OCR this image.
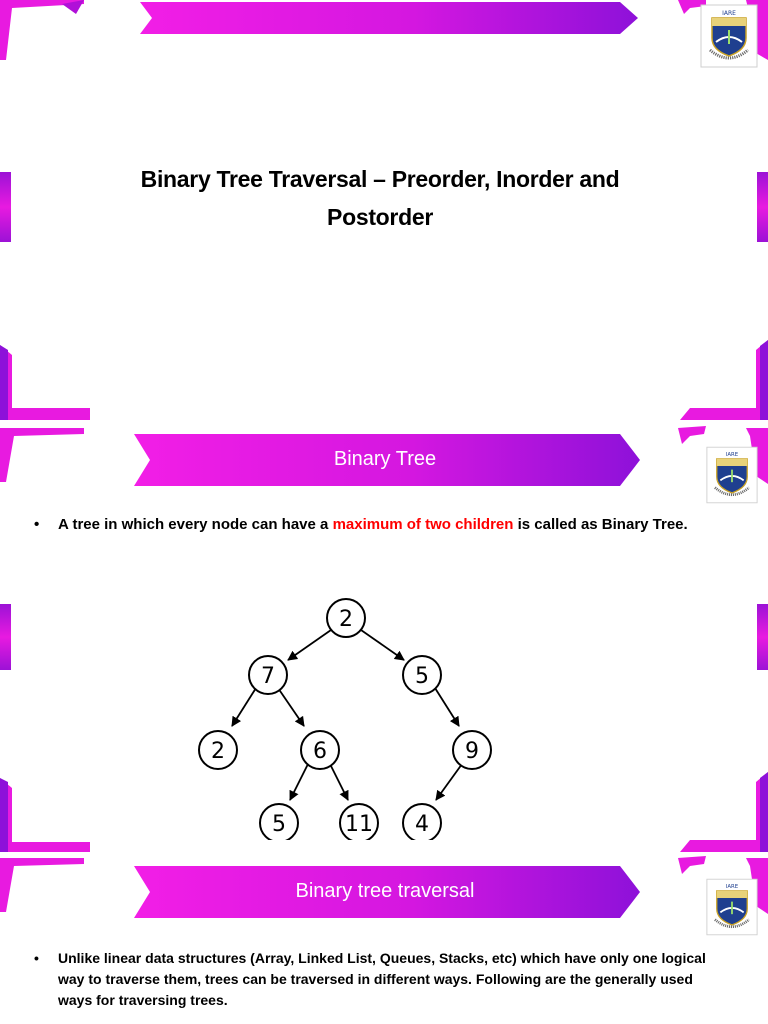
IARE
Binary Tree Traversal – Preorder, Inorder and Postorder
IARE
Binary Tree
• A tree in which every node can have a maximum of two children is called as Binary Tree.
2
7	5
2	6	9
5	11 4
IARE
Binary tree traversal
• Unlike linear data structures (Array, Linked List, Queues, Stacks, etc) which have only one logical way to traverse them, trees can be traversed in different ways. Following are the generally used ways for traversing trees.
